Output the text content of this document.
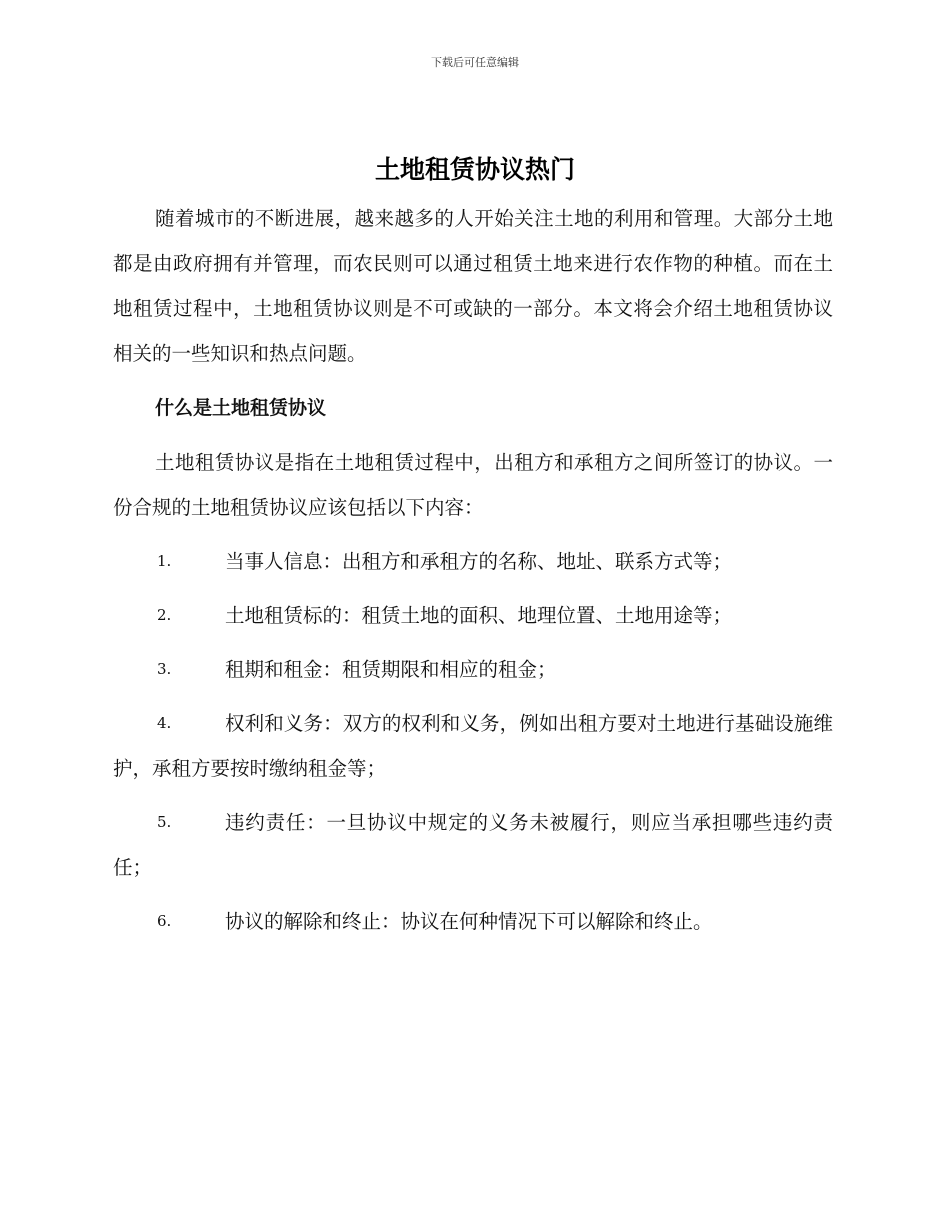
下载后可任意编辑
土地租赁协议热门

随着城市的不断进展，越来越多的人开始关注土地的利用和管理。大部分土地都是由政府拥有并管理，而农民则可以通过租赁土地来进行农作物的种植。而在土地租赁过程中，土地租赁协议则是不可或缺的一部分。本文将会介绍土地租赁协议相关的一些知识和热点问题。

什么是土地租赁协议

土地租赁协议是指在土地租赁过程中，出租方和承租方之间所签订的协议。一份合规的土地租赁协议应该包括以下内容：

1.	当事人信息：出租方和承租方的名称、地址、联系方式等；

2.	土地租赁标的：租赁土地的面积、地理位置、土地用途等；

3.	租期和租金：租赁期限和相应的租金；

4.	权利和义务：双方的权利和义务，例如出租方要对土地进行基础设施维护，承租方要按时缴纳租金等；

5.	违约责任：一旦协议中规定的义务未被履行，则应当承担哪些违约责任；

6.	协议的解除和终止：协议在何种情况下可以解除和终止。
